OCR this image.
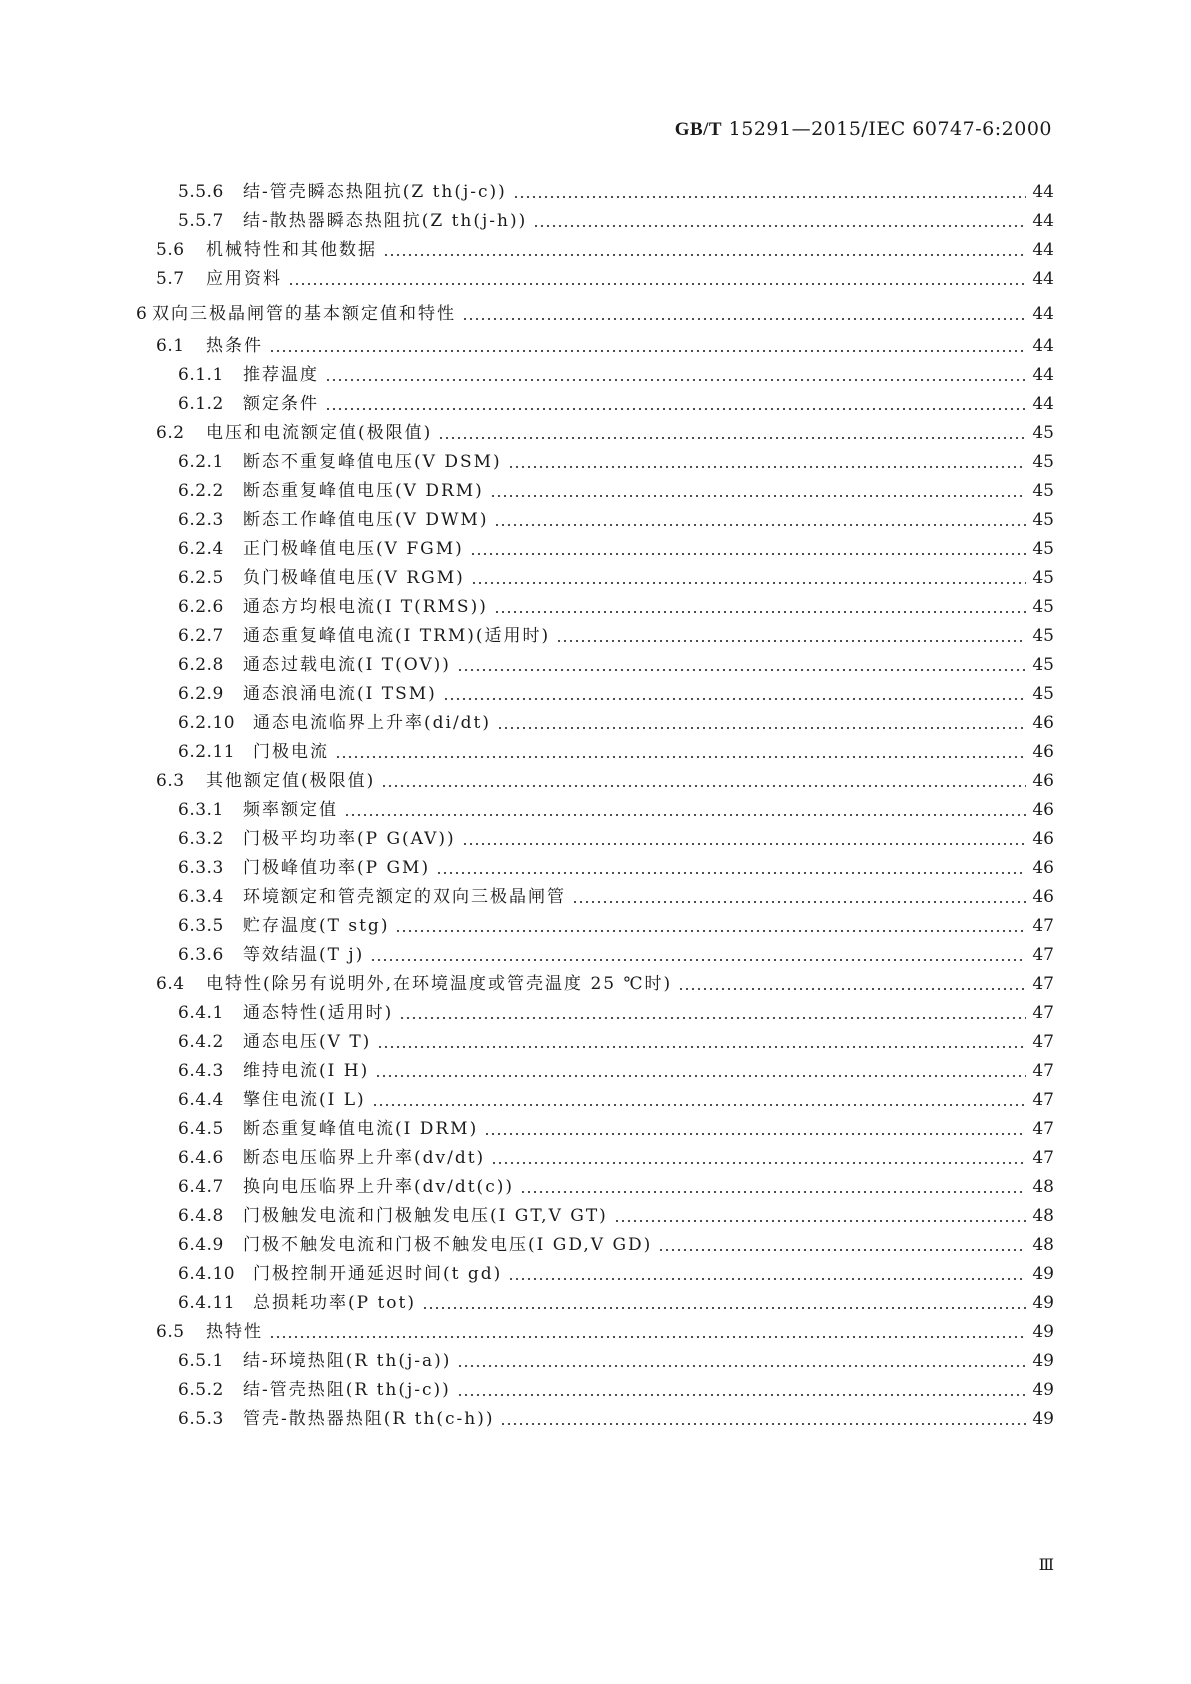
GB/T 15291—2015/IEC 60747-6:2000
5.5.6 结-管壳瞬态热阻抗(Z th(j-c))	44
5.5.7 结-散热器瞬态热阻抗(Z th(j-h))	44
5.6 机械特性和其他数据	44
5.7 应用资料	44
6 双向三极晶闸管的基本额定值和特性	44
6.1 热条件	44
6.1.1 推荐温度	44
6.1.2 额定条件	44
6.2 电压和电流额定值(极限值)	45
6.2.1 断态不重复峰值电压(V DSM)	45
6.2.2 断态重复峰值电压(V DRM)	45
6.2.3 断态工作峰值电压(V DWM)	45
6.2.4 正门极峰值电压(V FGM)	45
6.2.5 负门极峰值电压(V RGM)	45
6.2.6 通态方均根电流(I T(RMS))	45
6.2.7 通态重复峰值电流(I TRM)(适用时)	45
6.2.8 通态过载电流(I T(OV))	45
6.2.9 通态浪涌电流(I TSM)	45
6.2.10 通态电流临界上升率(di/dt)	46
6.2.11 门极电流	46
6.3 其他额定值(极限值)	46
6.3.1 频率额定值	46
6.3.2 门极平均功率(P G(AV))	46
6.3.3 门极峰值功率(P GM)	46
6.3.4 环境额定和管壳额定的双向三极晶闸管	46
6.3.5 贮存温度(T stg)	47
6.3.6 等效结温(T j)	47
6.4 电特性(除另有说明外,在环境温度或管壳温度 25 ℃时)	47
6.4.1 通态特性(适用时)	47
6.4.2 通态电压(V T)	47
6.4.3 维持电流(I H)	47
6.4.4 擎住电流(I L)	47
6.4.5 断态重复峰值电流(I DRM)	47
6.4.6 断态电压临界上升率(dv/dt)	47
6.4.7 换向电压临界上升率(dv/dt(c))	48
6.4.8 门极触发电流和门极触发电压(I GT,V GT)	48
6.4.9 门极不触发电流和门极不触发电压(I GD,V GD)	48
6.4.10 门极控制开通延迟时间(t gd)	49
6.4.11 总损耗功率(P tot)	49
6.5 热特性	49
6.5.1 结-环境热阻(R th(j-a))	49
6.5.2 结-管壳热阻(R th(j-c))	49
6.5.3 管壳-散热器热阻(R th(c-h))	49
Ⅲ
